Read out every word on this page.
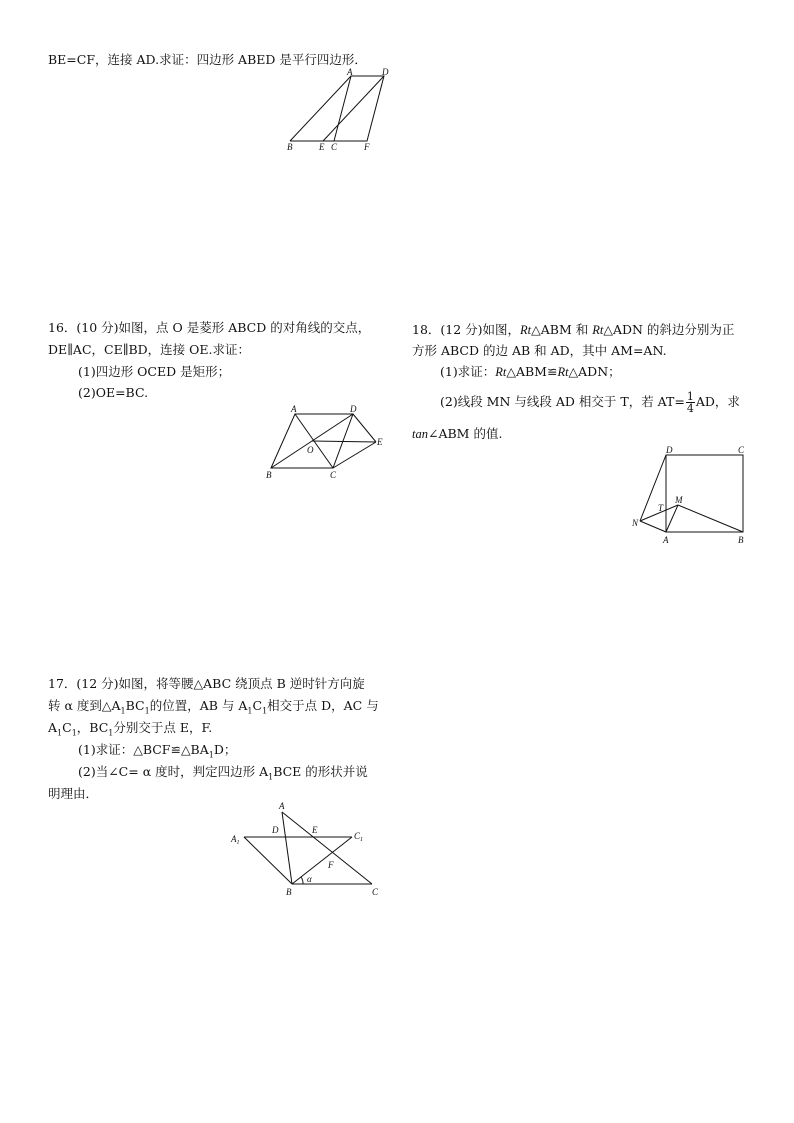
BE=CF，连接 AD.求证：四边形 ABED 是平行四边形．
A	D
B	E C	F
16．(10 分)如图，点 O 是菱形 ABCD 的对角线的交点，
DE∥AC，CE∥BD，连接 OE.求证：
(1)四边形 OCED 是矩形；
(2)OE=BC.
A	D
B	C
O
E
17．(12 分)如图，将等腰△ABC 绕顶点 B 逆时针方向旋
转 α 度到$\triangle A_1BC_1$的位置，AB 与 $A_1C_1$相交于点 D，AC 与
$A_1C_1$，$BC_1$分别交于点 E，F.
(1)求证：$\triangle BCF≌\triangle BA_1D$；
(2)当∠C= α 度时，判定四边形 $A_1BCE$ 的形状并说
明理由．
A
D	E
$C_1$
$A_1$
F
α
B	C
18．(12 分)如图，Rt△ABM 和 Rt△ADN 的斜边分别为正
方形 ABCD 的边 AB 和 AD，其中 AM=AN.
(1)求证：Rt△ABM≌Rt△ADN；
(2)线段 MN 与线段 AD 相交于 T，若 $AT= \frac{1}{4}$ AD，求
tan∠ABM 的值.
D	C
M
T
N
A	B
